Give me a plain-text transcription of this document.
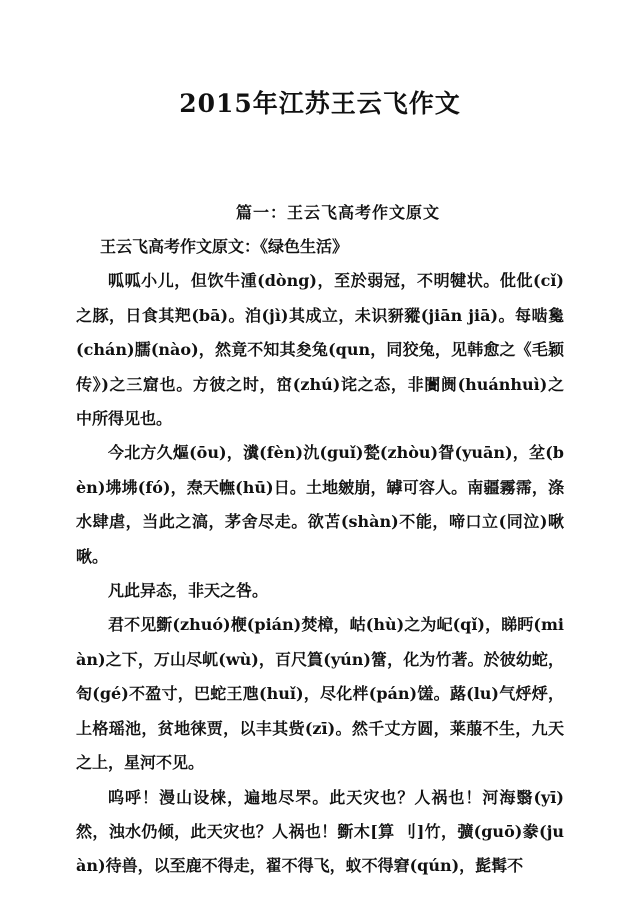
2015年江苏王云飞作文
篇一：王云飞高考作文原文

王云飞高考作文原文：《绿色生活》

呱呱小儿，但饮牛湩(dòng)，至於弱冠，不明犍状。仳仳(cǐ)之豚，日食其羓(bā)。洎(jì)其成立，未识豜豵(jiān jiā)。每啮毚(chán)臑(nào)，然竟不知其夋兔(qun，同狡兔，见韩愈之《毛颖传》)之三窟也。方彼之时，窋(zhú)诧之态，非闠阓(huánhuì)之中所得见也。

今北方久熰(ōu)，瀵(fèn)氿(guǐ)甃(zhòu)眢(yuān)，坌(bèn)坲坲(fó)，焘天幠(hū)日。土地皴崩，罅可容人。南疆霧霈，涤水肆虐，当此之滈，茅舍尽走。欲苫(shàn)不能，啼口立(同泣)啾啾。

凡此异态，非天之咎。

君不见斵(zhuó)楩(pián)焚樟，岵(hù)之为屺(qǐ)，睇眄(miàn)之下，万山尽屼(wù)，百尺篔(yún)簹，化为竹著。於彼幼蛇，匌(gé)不盈寸，巴蛇王虺(huǐ)，尽化柈(pán)馐。蕗(lu)气烀烀，上格瑶池，贫地徕贾，以丰其赀(zī)。然千丈方圆，莱菔不生，九天之上，星河不见。

呜呼！漫山设梾，遍地尽罘。此天灾也？人祸也！河海翳(yī)然，浊水仍倾，此天灾也？人祸也！斵木[算 刂]竹，彍(guō)豢(juàn)待兽，以至鹿不得走，翟不得飞，蚁不得窘(qún)，髭髯不
